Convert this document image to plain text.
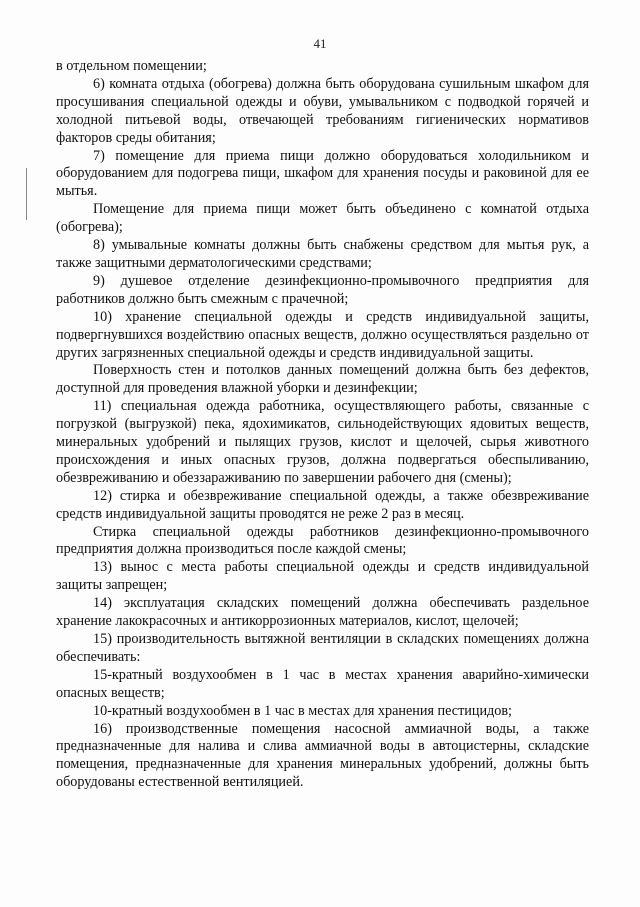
41

в отдельном помещении;

6) комната отдыха (обогрева) должна быть оборудована сушильным шкафом для просушивания специальной одежды и обуви, умывальником с подводкой горячей и холодной питьевой воды, отвечающей требованиям гигиенических нормативов факторов среды обитания;

7) помещение для приема пищи должно оборудоваться холодильником и оборудованием для подогрева пищи, шкафом для хранения посуды и раковиной для ее мытья.

Помещение для приема пищи может быть объединено с комнатой отдыха (обогрева);

8) умывальные комнаты должны быть снабжены средством для мытья рук, а также защитными дерматологическими средствами;

9) душевое отделение дезинфекционно-промывочного предприятия для работников должно быть смежным с прачечной;

10) хранение специальной одежды и средств индивидуальной защиты, подвергнувшихся воздействию опасных веществ, должно осуществляться раздельно от других загрязненных специальной одежды и средств индивидуальной защиты.

Поверхность стен и потолков данных помещений должна быть без дефектов, доступной для проведения влажной уборки и дезинфекции;

11) специальная одежда работника, осуществляющего работы, связанные с погрузкой (выгрузкой) пека, ядохимикатов, сильнодействующих ядовитых веществ, минеральных удобрений и пылящих грузов, кислот и щелочей, сырья животного происхождения и иных опасных грузов, должна подвергаться обеспыливанию, обезвреживанию и обеззараживанию по завершении рабочего дня (смены);

12) стирка и обезвреживание специальной одежды, а также обезвреживание средств индивидуальной защиты проводятся не реже 2 раз в месяц.

Стирка специальной одежды работников дезинфекционно-промывочного предприятия должна производиться после каждой смены;

13) вынос с места работы специальной одежды и средств индивидуальной защиты запрещен;

14) эксплуатация складских помещений должна обеспечивать раздельное хранение лакокрасочных и антикоррозионных материалов, кислот, щелочей;

15) производительность вытяжной вентиляции в складских помещениях должна обеспечивать:

15-кратный воздухообмен в 1 час в местах хранения аварийно-химически опасных веществ;

10-кратный воздухообмен в 1 час в местах для хранения пестицидов;

16) производственные помещения насосной аммиачной воды, а также предназначенные для налива и слива аммиачной воды в автоцистерны, складские помещения, предназначенные для хранения минеральных удобрений, должны быть оборудованы естественной вентиляцией.
